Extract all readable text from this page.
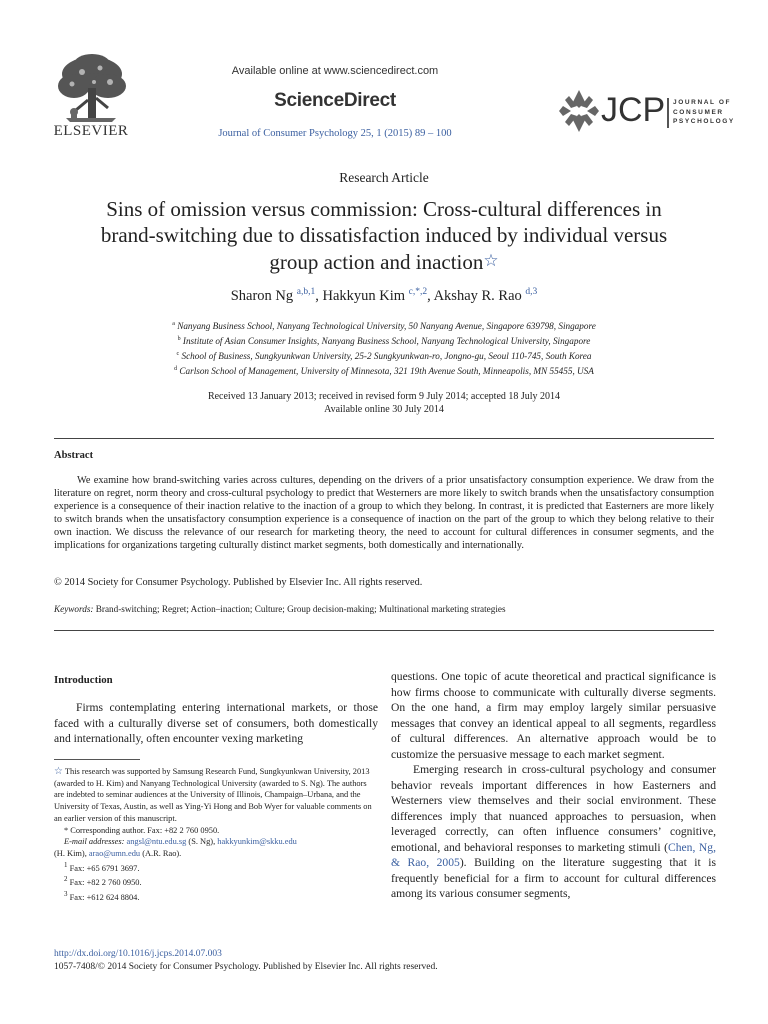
ELSEVIER
Available online at www.sciencedirect.com
ScienceDirect
Journal of Consumer Psychology 25, 1 (2015) 89 – 100
JCP JOURNAL OF
CONSUMER
PSYCHOLOGY
Research Article
Sins of omission versus commission: Cross-cultural differences in
brand-switching due to dissatisfaction induced by individual versus
group action and inaction☆
Sharon Ng $^{a,b,1}$, Hakkyun Kim $^{c,*,2}$, Akshay R. Rao $^{d,3}$
$^a$ Nanyang Business School, Nanyang Technological University, 50 Nanyang Avenue, Singapore 639798, Singapore
$^b$ Institute of Asian Consumer Insights, Nanyang Business School, Nanyang Technological University, Singapore
$^c$ School of Business, Sungkyunkwan University, 25-2 Sungkyunkwan-ro, Jongno-gu, Seoul 110-745, South Korea
$^d$ Carlson School of Management, University of Minnesota, 321 19th Avenue South, Minneapolis, MN 55455, USA
Received 13 January 2013; received in revised form 9 July 2014; accepted 18 July 2014
Available online 30 July 2014
Abstract
We examine how brand-switching varies across cultures, depending on the drivers of a prior unsatisfactory consumption experience. We draw from the literature on regret, norm theory and cross-cultural psychology to predict that Westerners are more likely to switch brands when the unsatisfactory consumption experience is a consequence of their inaction relative to the inaction of a group to which they belong. In contrast, it is predicted that Easterners are more likely to switch brands when the unsatisfactory consumption experience is a consequence of inaction on the part of the group to which they belong relative to their own inaction. We discuss the relevance of our research for marketing theory, the need to account for cultural differences in consumer segments, and the implications for organizations targeting culturally distinct market segments, both domestically and internationally.
© 2014 Society for Consumer Psychology. Published by Elsevier Inc. All rights reserved.
Keywords: Brand-switching; Regret; Action–inaction; Culture; Group decision-making; Multinational marketing strategies
Introduction
Firms contemplating entering international markets, or those faced with a culturally diverse set of consumers, both domestically and internationally, often encounter vexing marketing

☆ This research was supported by Samsung Research Fund, Sungkyunkwan University, 2013 (awarded to H. Kim) and Nanyang Technological University (awarded to S. Ng). The authors are indebted to seminar audiences at the University of Illinois, Champaign–Urbana, and the University of Texas, Austin, as well as Ying-Yi Hong and Bob Wyer for valuable comments on an earlier version of this manuscript.

* Corresponding author. Fax: +82 2 760 0950.

E-mail addresses: angsl@ntu.edu.sg (S. Ng), hakkyunkim@skku.edu

(H. Kim), arao@umn.edu (A.R. Rao).

$^1$ Fax: +65 6791 3697.

$^2$ Fax: +82 2 760 0950.

$^3$ Fax: +612 624 8804.

questions. One topic of acute theoretical and practical significance is how firms choose to communicate with culturally diverse segments. On the one hand, a firm may employ largely similar persuasive messages that convey an identical appeal to all segments, regardless of cultural differences. An alternative approach would be to customize the persuasive message to each market segment.

Emerging research in cross-cultural psychology and consumer behavior reveals important differences in how Easterners and Westerners view themselves and their social environment. These differences imply that nuanced approaches to persuasion, when leveraged correctly, can often influence consumers’ cognitive, emotional, and behavioral responses to marketing stimuli (Chen, Ng, & Rao, 2005). Building on the literature suggesting that it is frequently beneficial for a firm to account for cultural differences among its various consumer segments,

http://dx.doi.org/10.1016/j.jcps.2014.07.003
1057-7408/© 2014 Society for Consumer Psychology. Published by Elsevier Inc. All rights reserved.
